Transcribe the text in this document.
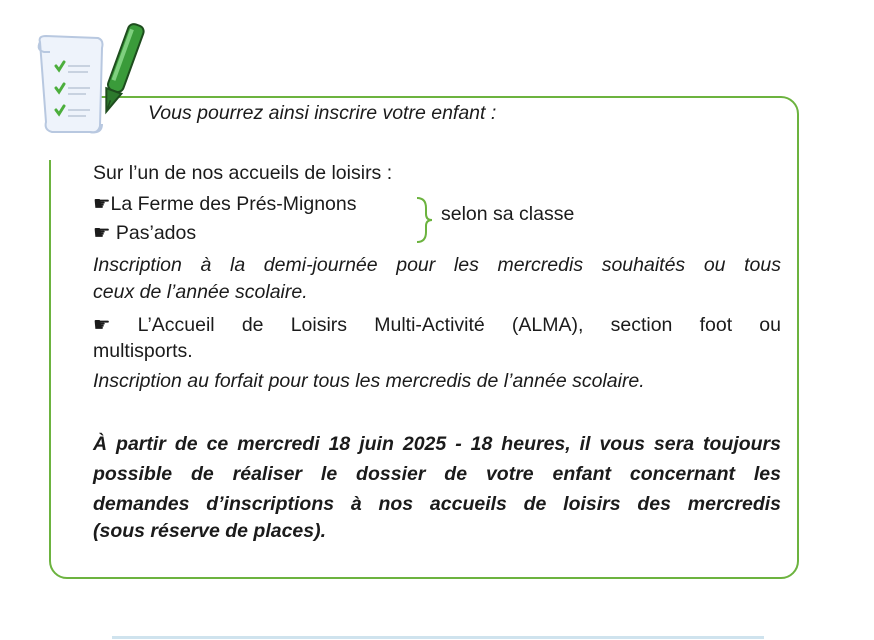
Vous pourrez ainsi inscrire votre enfant :
Sur l’un de nos accueils de loisirs :
☛La Ferme des Prés-Mignons
☛ Pas’ados
selon sa classe
Inscription à la demi-journée pour les mercredis souhaités ou tous
ceux de l’année scolaire.
☛ L’Accueil de Loisirs Multi-Activité (ALMA), section foot ou
multisports.
Inscription au forfait pour tous les mercredis de l’année scolaire.
À partir de ce mercredi 18 juin 2025 - 18 heures, il vous sera toujours
possible de réaliser le dossier de votre enfant concernant les
demandes d’inscriptions à nos accueils de loisirs des mercredis
(sous réserve de places).
